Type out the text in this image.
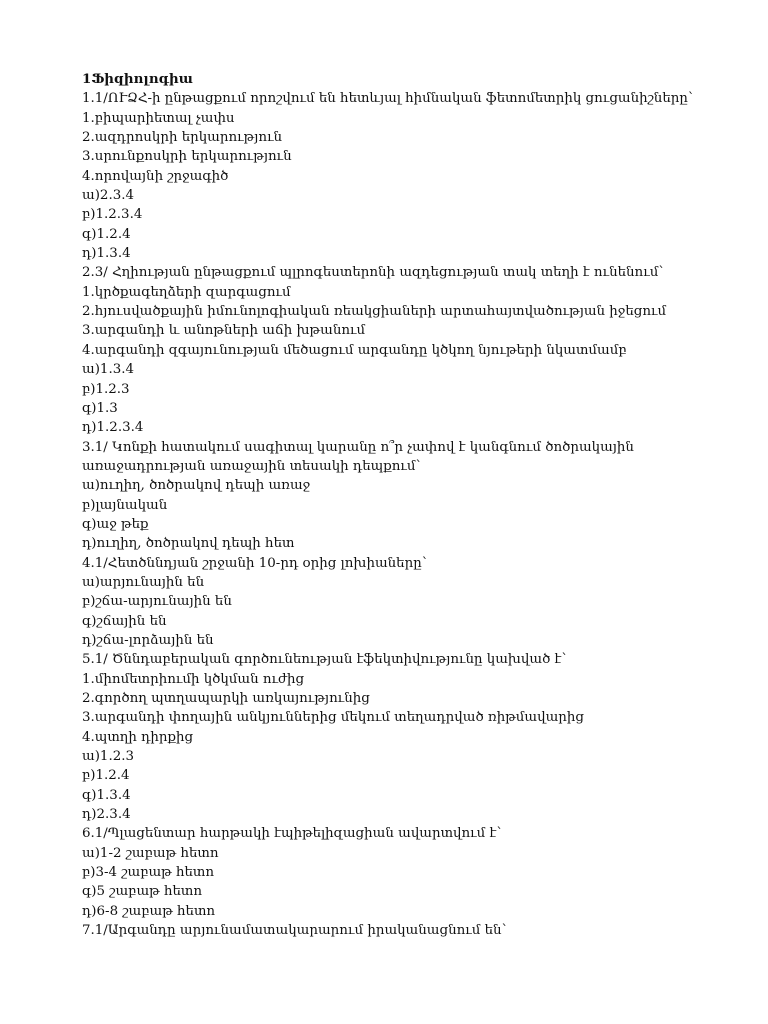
1Ֆիզիոլոգիա
1.1/ՈՒՁՀ-ի ընթացքում որոշվում են հետևյալ հիմնական ֆետոմետրիկ ցուցանիշները՝
1.բիպարիետալ չափս
2.ազդրոսկրի երկարություն
3.սրունքոսկրի երկարություն
4.որովայնի շրջագիծ
ա)2.3.4
բ)1.2.3.4
գ)1.2.4
դ)1.3.4
2.3/ Հղիության ընթացքում պլրոգեստերոնի ազդեցության տակ տեղի է ունենում՝
1.կրծքագեղձերի զարգացում
2.հյուսվածքային իմունոլոգիական ռեակցիաների արտահայտվածության իջեցում
3.արգանդի և անոթների աճի խթանում
4.արգանդի զգայունության մեծացում արգանդը կծկող նյութերի նկատմամբ
ա)1.3.4
բ)1.2.3
գ)1.3
դ)1.2.3.4
3.1/ Կոնքի հատակում սագիտալ կարանը ո՞ր չափով է կանգնում ծոծրակային
առաջադրության առաջային տեսակի դեպքում՝
ա)ուղիղ, ծոծրակով դեպի առաջ
բ)լայնական
գ)աջ թեք
դ)ուղիղ, ծոծրակով դեպի հետ
4.1/Հետծննդյան շրջանի 10-րդ օրից լոխիաները՝
ա)արյունային են
բ)շճա-արյունային են
գ)շճային են
դ)շճա-լորձային են
5.1/ Ծննդաբերական գործունեության էֆեկտիվությունը կախված է՝
1.միոմետրիումի կծկման ուժից
2.գործող պտղապարկի առկայությունից
3.արգանդի փողային անկյուններից մեկում տեղադրված ռիթմավարից
4.պտղի դիրքից
ա)1.2.3
բ)1.2.4
գ)1.3.4
դ)2.3.4
6.1/Պլացենտար հարթակի էպիթելիզացիան ավարտվում է՝
ա)1-2 շաբաթ հետո
բ)3-4 շաբաթ հետո
գ)5 շաբաթ հետո
դ)6-8 շաբաթ հետո
7.1/Արգանդը արյունամատակարարում իրականացնում են՝
